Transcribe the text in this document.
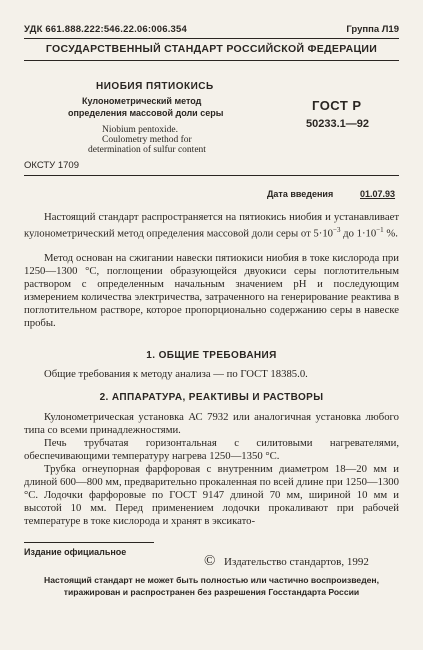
УДК 661.888.222:546.22.06:006.354	Группа Л19
ГОСУДАРСТВЕННЫЙ СТАНДАРТ РОССИЙСКОЙ ФЕДЕРАЦИИ
НИОБИЯ ПЯТИОКИСЬ
Кулонометрический метод
определения массовой доли серы
Niobium pentoxide.
Coulometry method for
determination of sulfur content
ГОСТ Р
50233.1—92
ОКСТУ 1709
Дата введения	01.07.93

Настоящий стандарт распространяется на пятиокись ниобия и устанавливает кулонометрический метод определения массовой доли серы от $5\cdot 10^{-3}$ до $1\cdot 10^{-1}$ %.

Метод основан на сжигании навески пятиокиси ниобия в токе кислорода при 1250—1300 °С, поглощении образующейся двуокиси серы поглотительным раствором с определенным начальным значением pH и последующим измерением количества электричества, затраченного на генерирование реактива в поглотительном растворе, которое пропорционально содержанию серы в навеске пробы.

1. ОБЩИЕ ТРЕБОВАНИЯ

Общие требования к методу анализа — по ГОСТ 18385.0.

2. АППАРАТУРА, РЕАКТИВЫ И РАСТВОРЫ

Кулонометрическая установка АС 7932 или аналогичная установка любого типа со всеми принадлежностями.

Печь трубчатая горизонтальная с силитовыми нагревателями, обеспечивающими температуру нагрева 1250—1350 °С.

Трубка огнеупорная фарфоровая с внутренним диаметром 18—20 мм и длиной 600—800 мм, предварительно прокаленная по всей длине при 1250—1300 °С. Лодочки фарфоровые по ГОСТ 9147 длиной 70 мм, шириной 10 мм и высотой 10 мм. Перед применением лодочки прокаливают при рабочей температуре в токе кислорода и хранят в эксикато-

Издание официальное
© Издательство стандартов, 1992
Настоящий стандарт не может быть полностью или частично воспроизведен,
тиражирован и распространен без разрешения Госстандарта России
